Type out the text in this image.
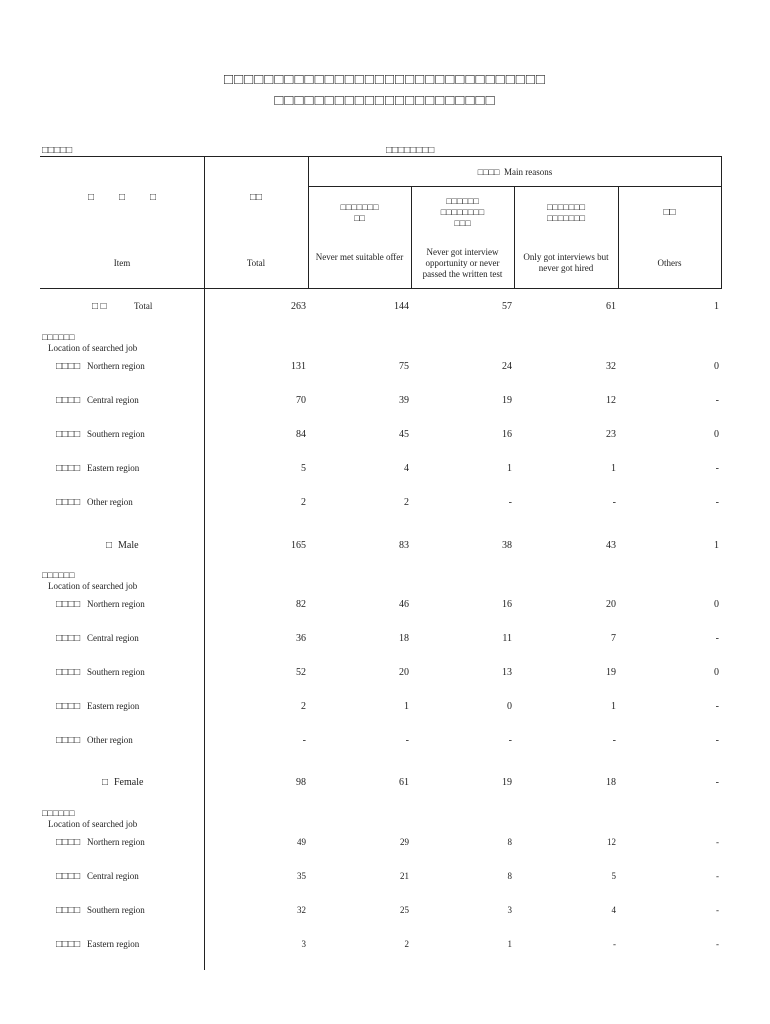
□□□□□□□□□□□□□□□□□□□□□□□□□□□□□□□□
□□□□□□□□□□□□□□□□□□□□□□
□□□□□	□□□□□□□□
□          □          □
Item
□□
Total
□□□□  Main reasons
□□□□□□□
□□
Never met suitable offer
□□□□□□
□□□□□□□□
□□□
Never got interview opportunity or never passed the written test
□□□□□□□
□□□□□□□
Only got interviews but never got hired
□□
Others
□ □	Total	263	144	57	61	1
□□□□□□
Location of searched job
□□□□ Northern region	131	75	24	32	0
□□□□ Central region	70	39	19	12	-
□□□□ Southern region	84	45	16	23	0
□□□□ Eastern region	5	4	1	1	-
□□□□ Other region	2	2	-	-	-
□ Male	165	83	38	43	1
□□□□□□
Location of searched job
□□□□ Northern region	82	46	16	20	0
□□□□ Central region	36	18	11	7	-
□□□□ Southern region	52	20	13	19	0
□□□□ Eastern region	2	1	0	1	-
□□□□ Other region	-	-	-	-	-
□ Female	98	61	19	18	-
□□□□□□
Location of searched job
□□□□ Northern region	49	29	8	12	-
□□□□ Central region	35	21	8	5	-
□□□□ Southern region	32	25	3	4	-
□□□□ Eastern region	3	2	1	-	-
